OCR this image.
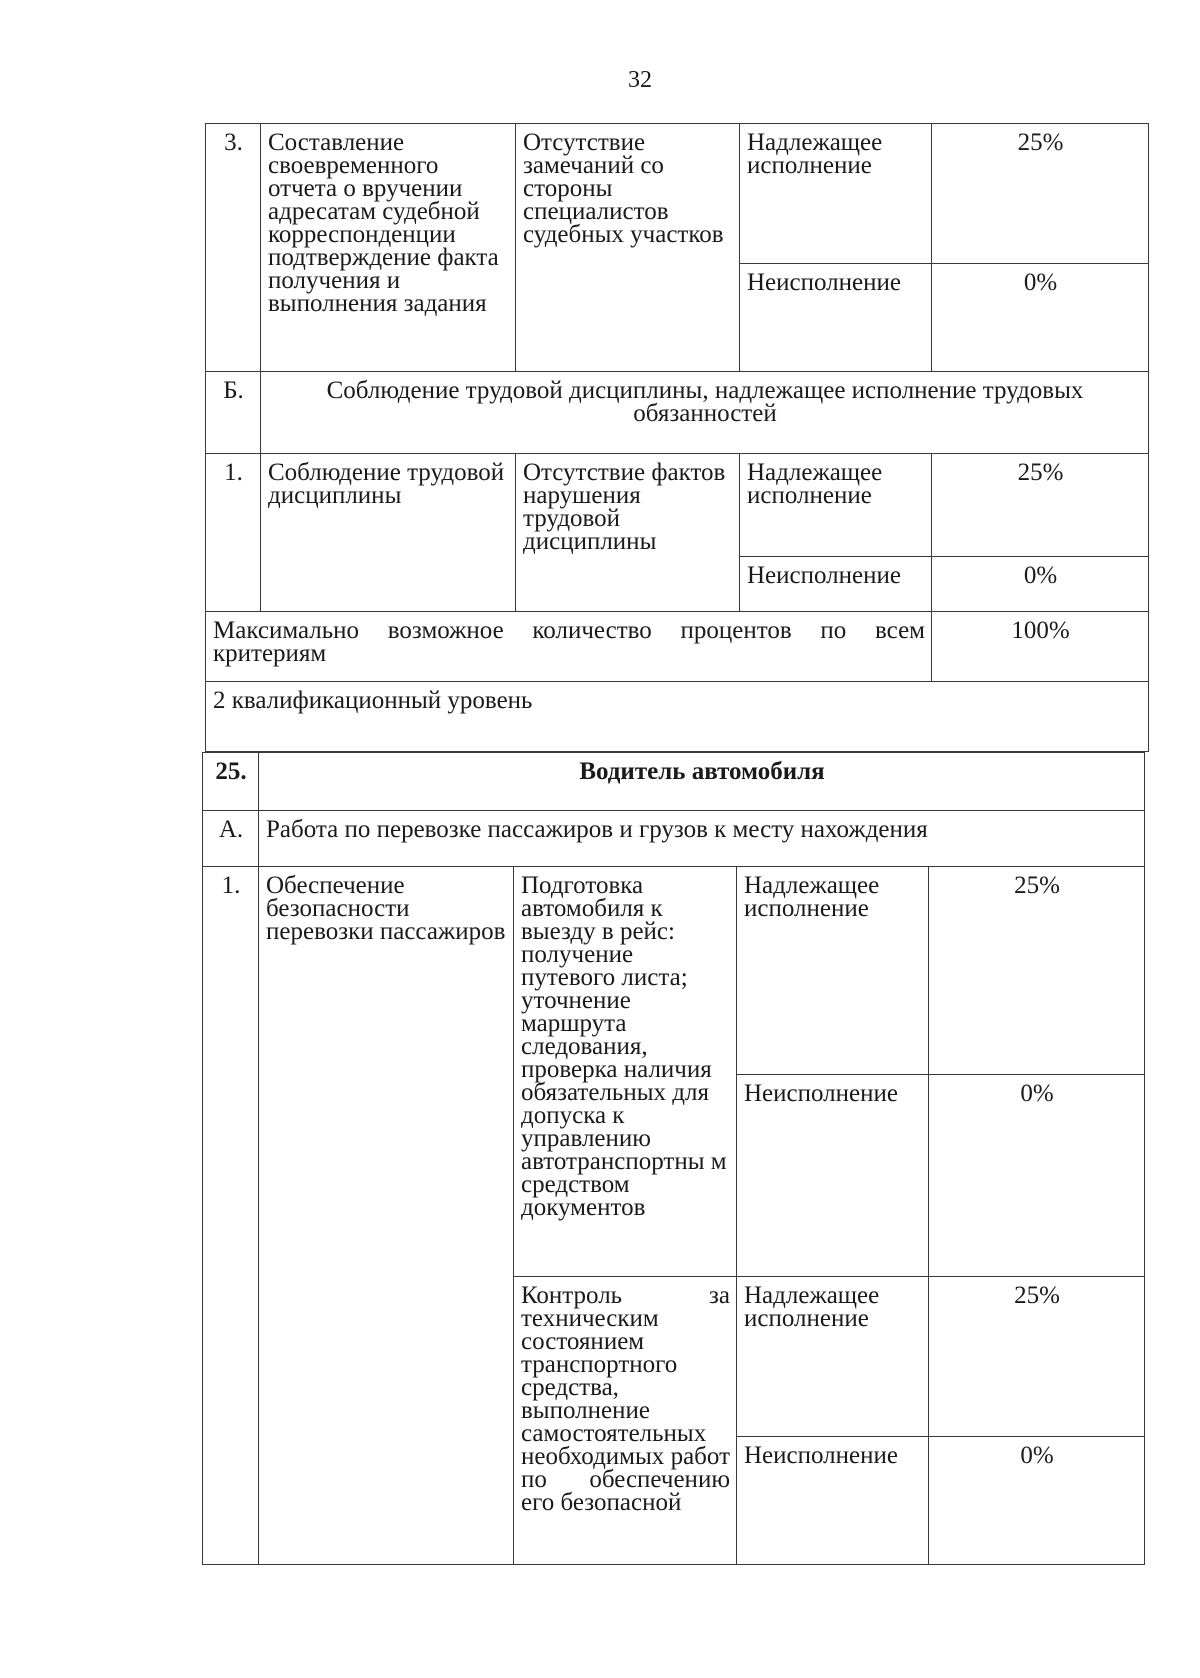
32
3.	Составление своевременного отчета о вручении адресатам судебной корреспонденции подтверждение факта получения и выполнения задания	Отсутствие замечаний со стороны специалистов судебных участков	Надлежащее исполнение	25%
			Неисполнение	0%
Б.	Соблюдение трудовой дисциплины, надлежащее исполнение трудовых обязанностей			
1.	Соблюдение трудовой дисциплины	Отсутствие фактов нарушения трудовой дисциплины	Надлежащее исполнение	25%
			Неисполнение	0%
Максимально возможное количество процентов по всем критериям				100%
2 квалификационный уровень				
25.	Водитель автомобиля			
А.	Работа по перевозке пассажиров и грузов к месту нахождения			
1.	Обеспечение безопасности перевозки пассажиров	Подготовка автомобиля к выезду в рейс: получение путевого листа; уточнение маршрута следования, проверка наличия обязательных для допуска к управлению автотранспортны м средством документов	Надлежащее исполнение	25%
			Неисполнение	0%
		Контроль за техническим состоянием транспортного средства, выполнение самостоятельных необходимых работ по обеспечению его безопасной	Надлежащее исполнение	25%
			Неисполнение	0%
